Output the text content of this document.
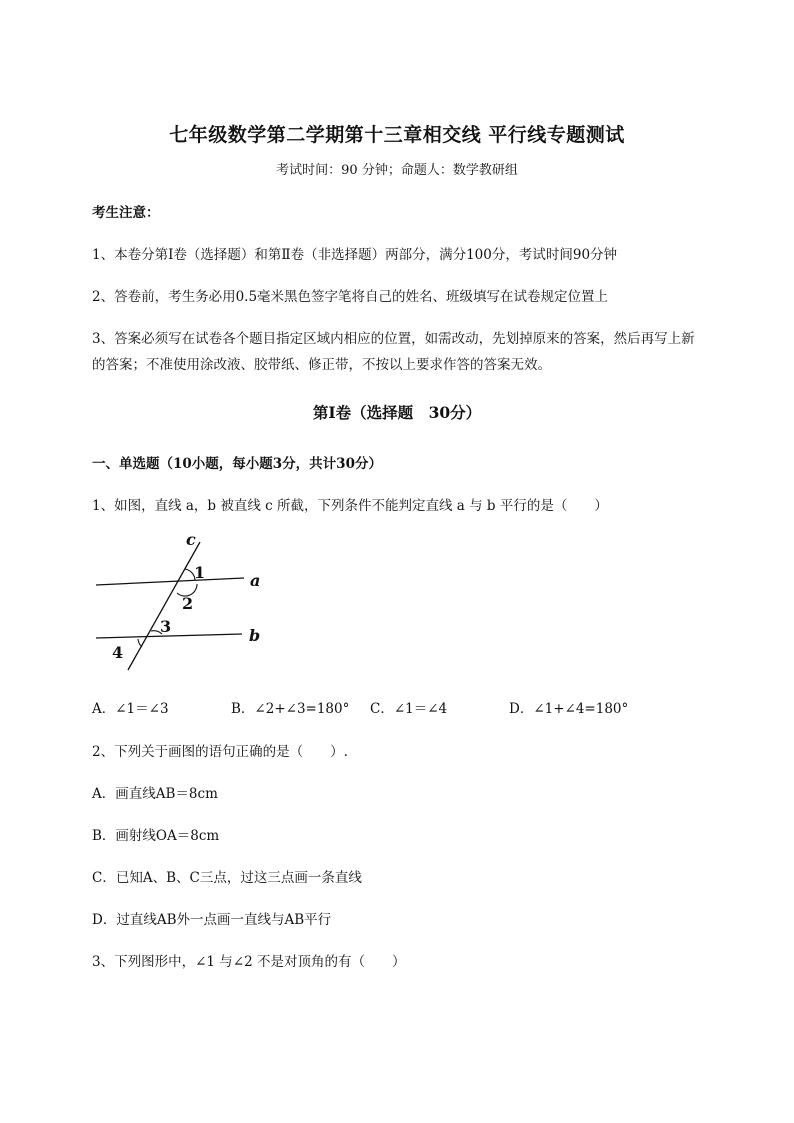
七年级数学第二学期第十三章相交线 平行线专题测试
考试时间：90 分钟；命题人：数学教研组
考生注意：
1、本卷分第Ⅰ卷（选择题）和第Ⅱ卷（非选择题）两部分，满分100分，考试时间90分钟
2、答卷前，考生务必用0.5毫米黑色签字笔将自己的姓名、班级填写在试卷规定位置上
3、答案必须写在试卷各个题目指定区域内相应的位置，如需改动，先划掉原来的答案，然后再写上新
的答案；不准使用涂改液、胶带纸、修正带，不按以上要求作答的答案无效。
第Ⅰ卷（选择题　30分）
一、单选题（10小题，每小题3分，共计30分）
1、如图，直线 a，b 被直线 c 所截，下列条件不能判定直线 a 与 b 平行的是（　　）
c
a
b
1
2
3
4
A．∠1＝∠3	B．∠2+∠3=180° C．∠1＝∠4	D．∠1+∠4=180°
2、下列关于画图的语句正确的是（　　）.
A．画直线AB＝8cm
B．画射线OA＝8cm
C．已知A、B、C三点，过这三点画一条直线
D．过直线AB外一点画一直线与AB平行
3、下列图形中，∠1 与∠2 不是对顶角的有（　　）
